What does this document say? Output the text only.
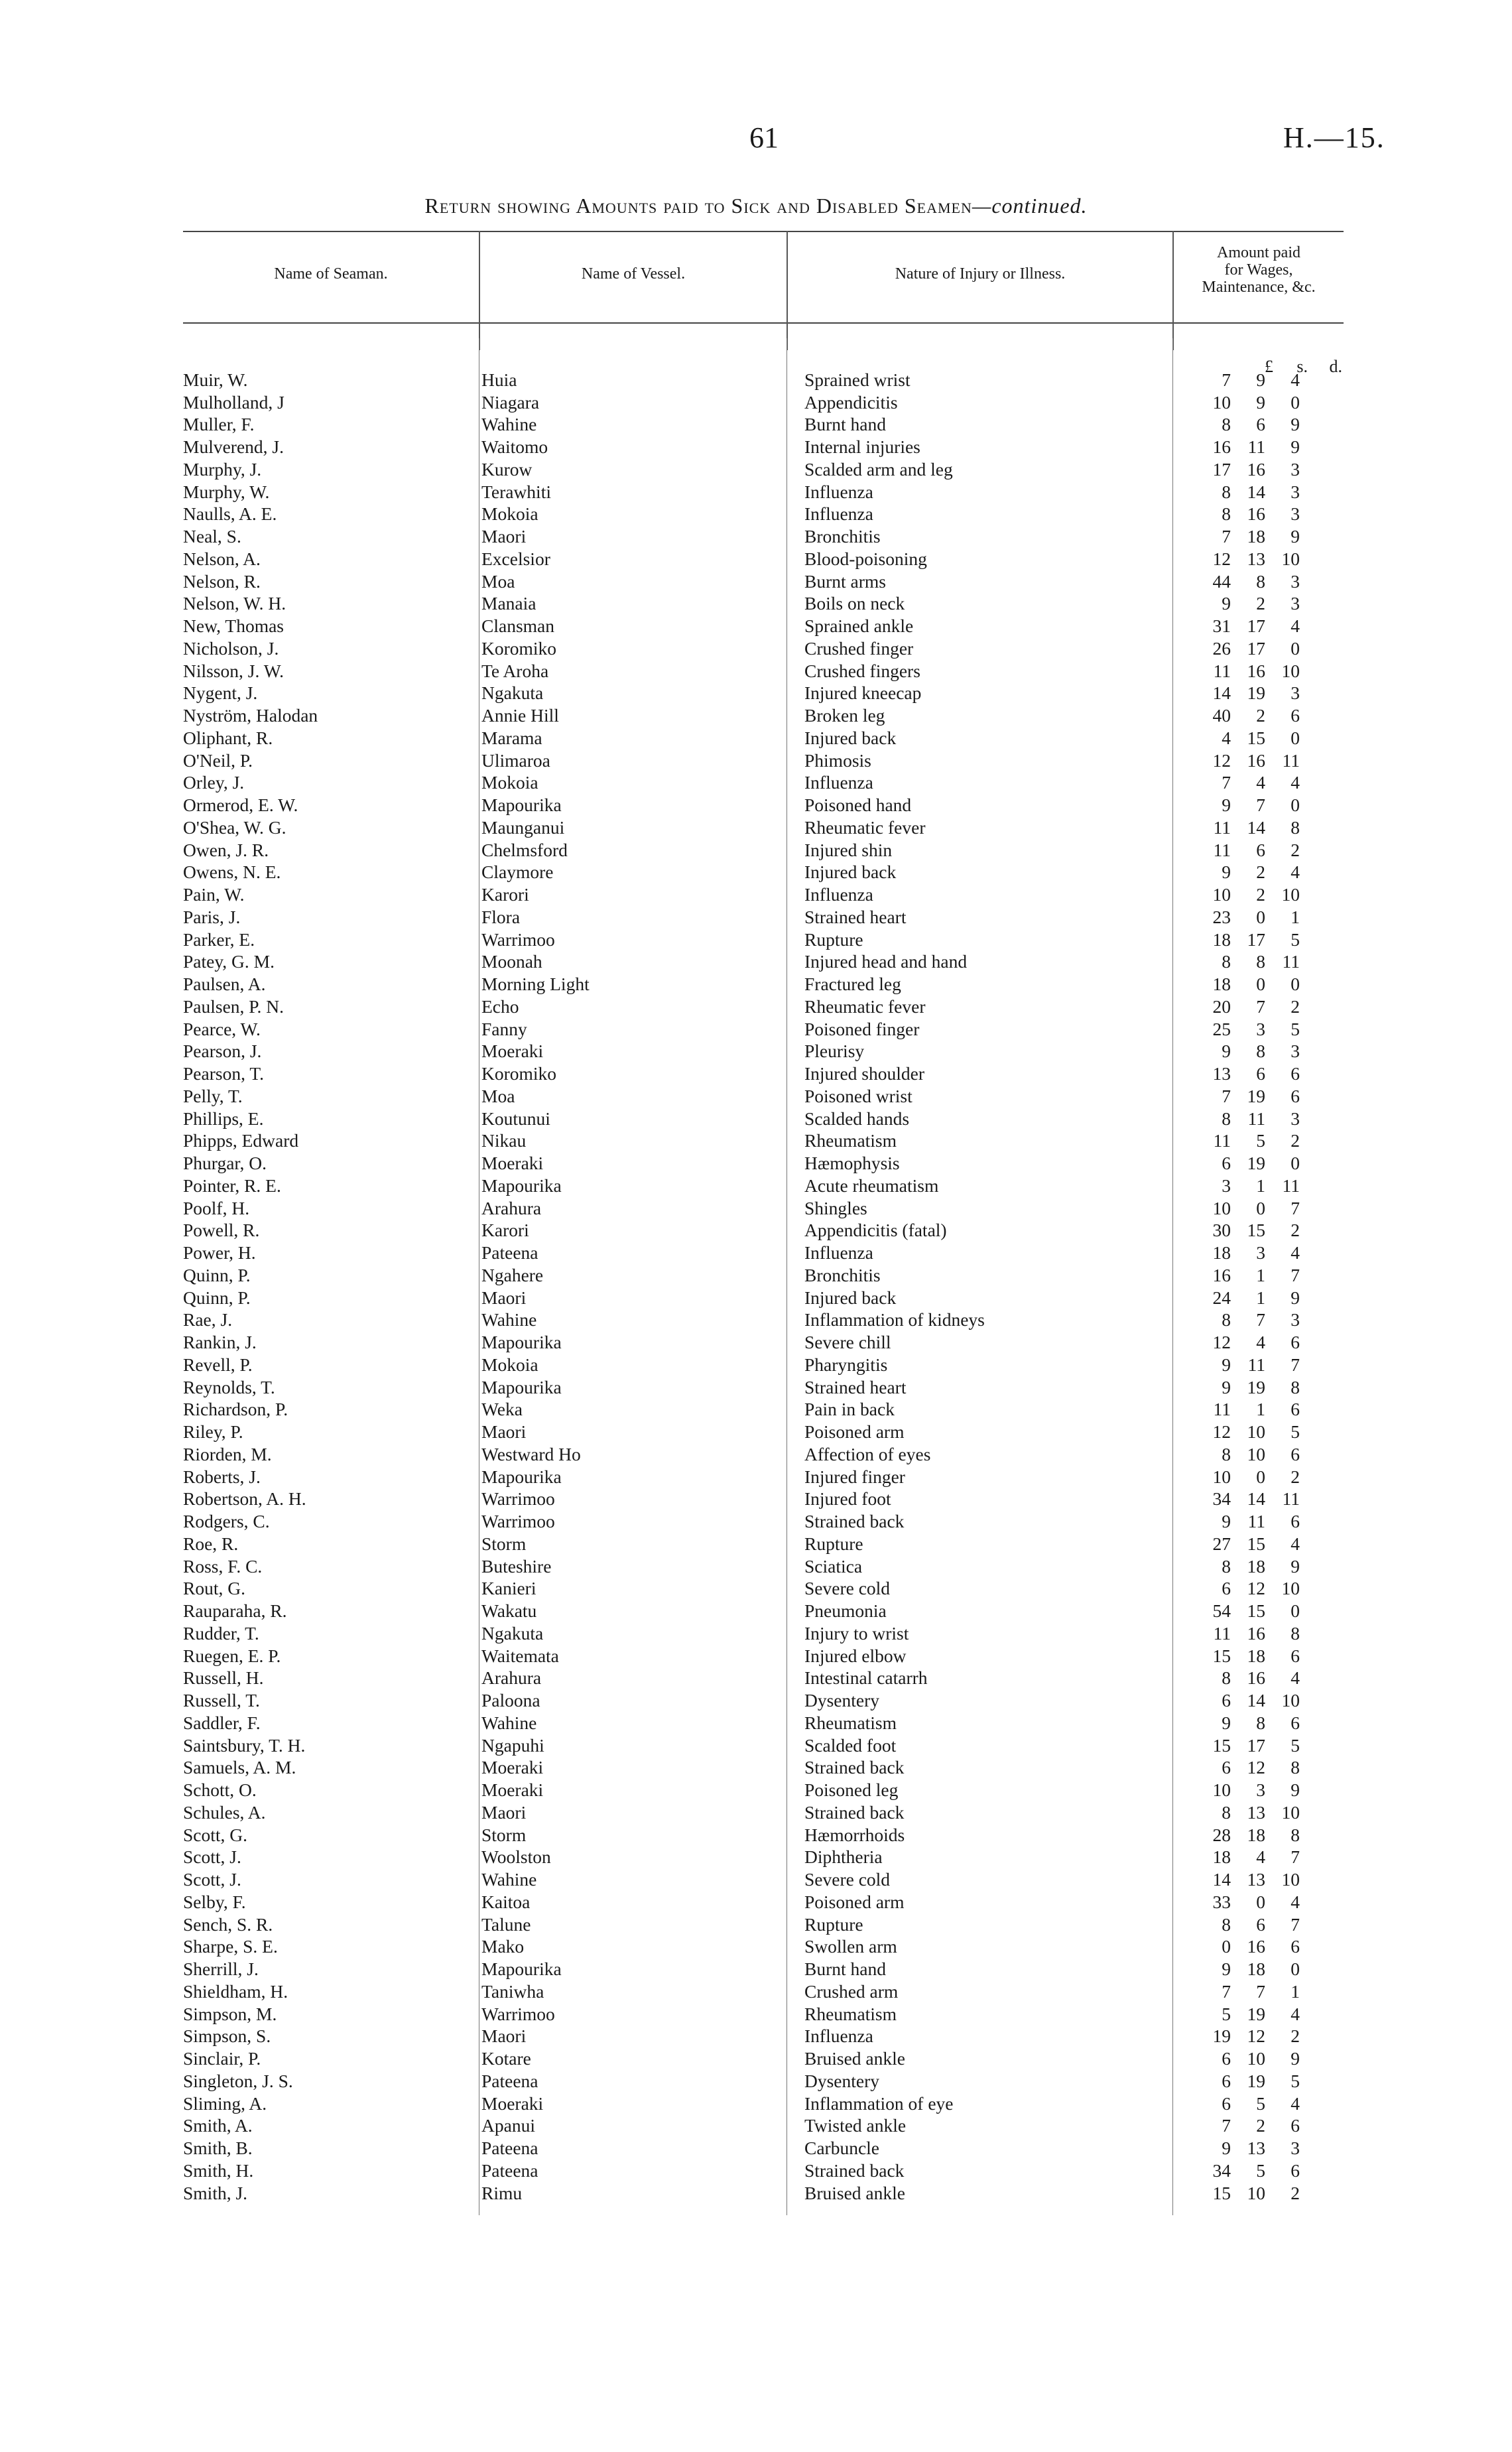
61	H.—15.
Return showing Amounts paid to Sick and Disabled Seamen—continued.
Name of Seaman.	Name of Vessel.	Nature of Injury or Illness.
Amount paid
for Wages,
Maintenance, &c.
£	s.	d.
Muir, W.	Huia	Sprained wrist	7	9	4
Mulholland, J	Niagara	Appendicitis	10	9	0
Muller, F.	Wahine	Burnt hand	8	6	9
Mulverend, J.	Waitomo	Internal injuries	16	11	9
Murphy, J.	Kurow	Scalded arm and leg	17	16	3
Murphy, W.	Terawhiti	Influenza	8	14	3
Naulls, A. E.	Mokoia	Influenza	8	16	3
Neal, S.	Maori	Bronchitis	7	18	9
Nelson, A.	Excelsior	Blood-poisoning	12	13	10
Nelson, R.	Moa	Burnt arms	44	8	3
Nelson, W. H.	Manaia	Boils on neck	9	2	3
New, Thomas	Clansman	Sprained ankle	31	17	4
Nicholson, J.	Koromiko	Crushed finger	26	17	0
Nilsson, J. W.	Te Aroha	Crushed fingers	11	16	10
Nygent, J.	Ngakuta	Injured kneecap	14	19	3
Nyström, Halodan	Annie Hill	Broken leg	40	2	6
Oliphant, R.	Marama	Injured back	4	15	0
O'Neil, P.	Ulimaroa	Phimosis	12	16	11
Orley, J.	Mokoia	Influenza	7	4	4
Ormerod, E. W.	Mapourika	Poisoned hand	9	7	0
O'Shea, W. G.	Maunganui	Rheumatic fever	11	14	8
Owen, J. R.	Chelmsford	Injured shin	11	6	2
Owens, N. E.	Claymore	Injured back	9	2	4
Pain, W.	Karori	Influenza	10	2	10
Paris, J.	Flora	Strained heart	23	0	1
Parker, E.	Warrimoo	Rupture	18	17	5
Patey, G. M.	Moonah	Injured head and hand	8	8	11
Paulsen, A.	Morning Light	Fractured leg	18	0	0
Paulsen, P. N.	Echo	Rheumatic fever	20	7	2
Pearce, W.	Fanny	Poisoned finger	25	3	5
Pearson, J.	Moeraki	Pleurisy	9	8	3
Pearson, T.	Koromiko	Injured shoulder	13	6	6
Pelly, T.	Moa	Poisoned wrist	7	19	6
Phillips, E.	Koutunui	Scalded hands	8	11	3
Phipps, Edward	Nikau	Rheumatism	11	5	2
Phurgar, O.	Moeraki	Hæmophysis	6	19	0
Pointer, R. E.	Mapourika	Acute rheumatism	3	1	11
Poolf, H.	Arahura	Shingles	10	0	7
Powell, R.	Karori	Appendicitis (fatal)	30	15	2
Power, H.	Pateena	Influenza	18	3	4
Quinn, P.	Ngahere	Bronchitis	16	1	7
Quinn, P.	Maori	Injured back	24	1	9
Rae, J.	Wahine	Inflammation of kidneys	8	7	3
Rankin, J.	Mapourika	Severe chill	12	4	6
Revell, P.	Mokoia	Pharyngitis	9	11	7
Reynolds, T.	Mapourika	Strained heart	9	19	8
Richardson, P.	Weka	Pain in back	11	1	6
Riley, P.	Maori	Poisoned arm	12	10	5
Riorden, M.	Westward Ho	Affection of eyes	8	10	6
Roberts, J.	Mapourika	Injured finger	10	0	2
Robertson, A. H.	Warrimoo	Injured foot	34	14	11
Rodgers, C.	Warrimoo	Strained back	9	11	6
Roe, R.	Storm	Rupture	27	15	4
Ross, F. C.	Buteshire	Sciatica	8	18	9
Rout, G.	Kanieri	Severe cold	6	12	10
Rauparaha, R.	Wakatu	Pneumonia	54	15	0
Rudder, T.	Ngakuta	Injury to wrist	11	16	8
Ruegen, E. P.	Waitemata	Injured elbow	15	18	6
Russell, H.	Arahura	Intestinal catarrh	8	16	4
Russell, T.	Paloona	Dysentery	6	14	10
Saddler, F.	Wahine	Rheumatism	9	8	6
Saintsbury, T. H.	Ngapuhi	Scalded foot	15	17	5
Samuels, A. M.	Moeraki	Strained back	6	12	8
Schott, O.	Moeraki	Poisoned leg	10	3	9
Schules, A.	Maori	Strained back	8	13	10
Scott, G.	Storm	Hæmorrhoids	28	18	8
Scott, J.	Woolston	Diphtheria	18	4	7
Scott, J.	Wahine	Severe cold	14	13	10
Selby, F.	Kaitoa	Poisoned arm	33	0	4
Sench, S. R.	Talune	Rupture	8	6	7
Sharpe, S. E.	Mako	Swollen arm	0	16	6
Sherrill, J.	Mapourika	Burnt hand	9	18	0
Shieldham, H.	Taniwha	Crushed arm	7	7	1
Simpson, M.	Warrimoo	Rheumatism	5	19	4
Simpson, S.	Maori	Influenza	19	12	2
Sinclair, P.	Kotare	Bruised ankle	6	10	9
Singleton, J. S.	Pateena	Dysentery	6	19	5
Sliming, A.	Moeraki	Inflammation of eye	6	5	4
Smith, A.	Apanui	Twisted ankle	7	2	6
Smith, B.	Pateena	Carbuncle	9	13	3
Smith, H.	Pateena	Strained back	34	5	6
Smith, J.	Rimu	Bruised ankle	15	10	2
